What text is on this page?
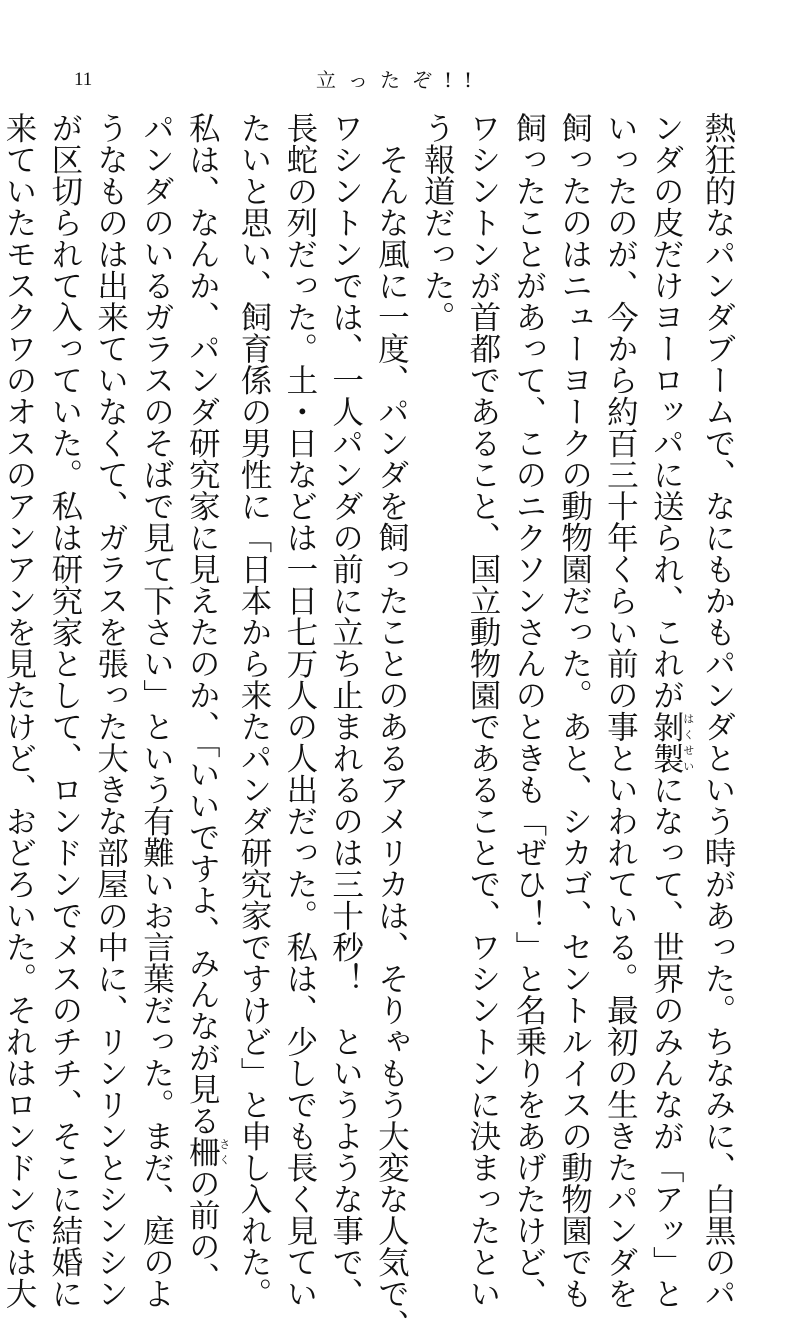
11	立ったぞ!!
熱狂的なパンダブームで、なにもかもパンダという時があった。ちなみに、白黒のパ
ンダの皮だけヨーロッパに送られ、これが剝製はくせいになって、世界のみんなが「アッ」と
いったのが、今から約百三十年くらい前の事といわれている。最初の生きたパンダを
飼ったのはニューヨークの動物園だった。あと、シカゴ、セントルイスの動物園でも
飼ったことがあって、このニクソンさんのときも「ぜひ！」と名乗りをあげたけど、
ワシントンが首都であること、国立動物園であることで、ワシントンに決まったとい
う報道だった。
　そんな風に一度、パンダを飼ったことのあるアメリカは、そりゃもう大変な人気で、
ワシントンでは、一人パンダの前に立ち止まれるのは三十秒！　というような事で、
長蛇の列だった。土・日などは一日七万人の人出だった。私は、少しでも長く見てい
たいと思い、飼育係の男性に「日本から来たパンダ研究家ですけど」と申し入れた。
私は、なんか、パンダ研究家に見えたのか、「いいですよ、みんなが見る柵さくの前の、
パンダのいるガラスのそばで見て下さい」という有難いお言葉だった。まだ、庭のよ
うなものは出来ていなくて、ガラスを張った大きな部屋の中に、リンリンとシンシン
が区切られて入っていた。私は研究家として、ロンドンでメスのチチ、そこに結婚に
来ていたモスクワのオスのアンアンを見たけど、おどろいた。それはロンドンでは大
